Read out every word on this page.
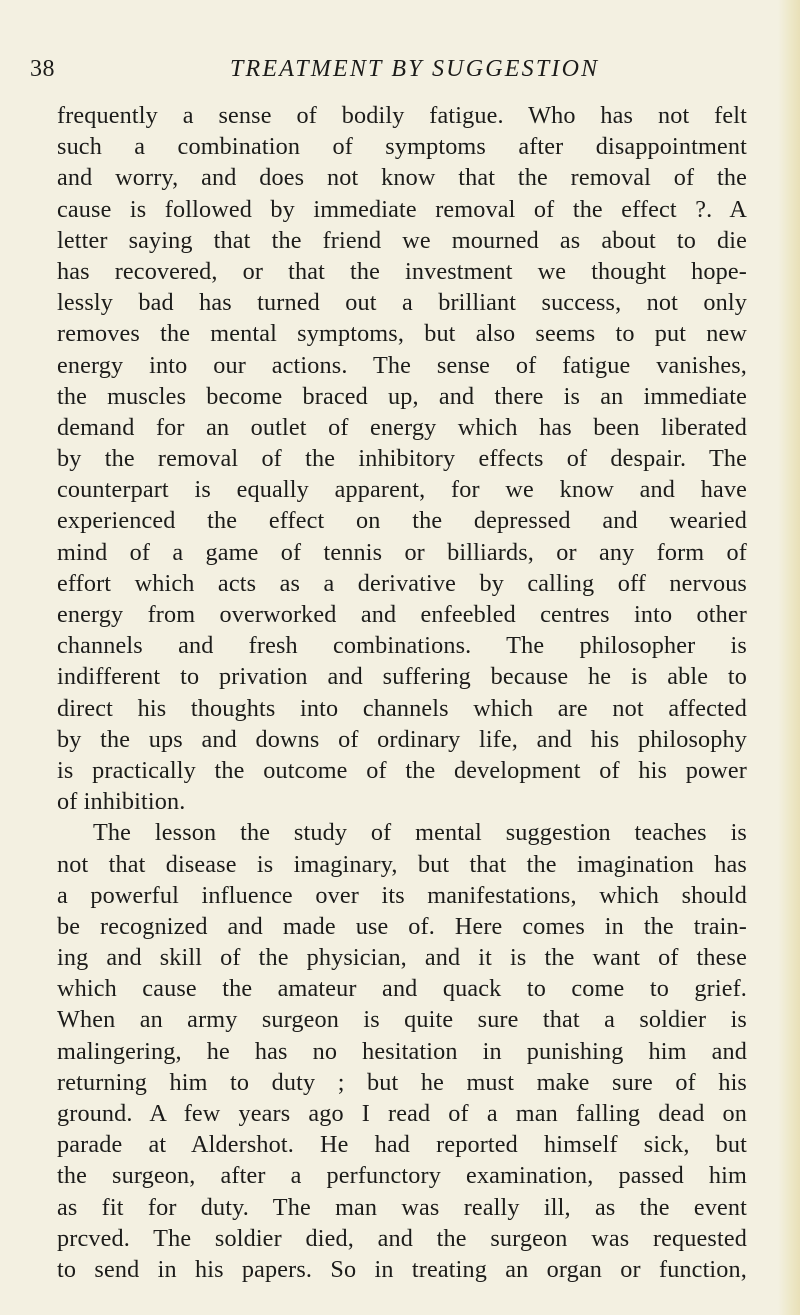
38	TREATMENT BY SUGGESTION
frequently a sense of bodily fatigue. Who has not felt
such a combination of symptoms after disappointment
and worry, and does not know that the removal of the
cause is followed by immediate removal of the effect ?. A
letter saying that the friend we mourned as about to die
has recovered, or that the investment we thought hope-
lessly bad has turned out a brilliant success, not only
removes the mental symptoms, but also seems to put new
energy into our actions. The sense of fatigue vanishes,
the muscles become braced up, and there is an immediate
demand for an outlet of energy which has been liberated
by the removal of the inhibitory effects of despair. The
counterpart is equally apparent, for we know and have
experienced the effect on the depressed and wearied
mind of a game of tennis or billiards, or any form of
effort which acts as a derivative by calling off nervous
energy from overworked and enfeebled centres into other
channels and fresh combinations. The philosopher is
indifferent to privation and suffering because he is able to
direct his thoughts into channels which are not affected
by the ups and downs of ordinary life, and his philosophy
is practically the outcome of the development of his power
of inhibition.
The lesson the study of mental suggestion teaches is
not that disease is imaginary, but that the imagination has
a powerful influence over its manifestations, which should
be recognized and made use of. Here comes in the train-
ing and skill of the physician, and it is the want of these
which cause the amateur and quack to come to grief.
When an army surgeon is quite sure that a soldier is
malingering, he has no hesitation in punishing him and
returning him to duty ; but he must make sure of his
ground. A few years ago I read of a man falling dead on
parade at Aldershot. He had reported himself sick, but
the surgeon, after a perfunctory examination, passed him
as fit for duty. The man was really ill, as the event
prcved. The soldier died, and the surgeon was requested
to send in his papers. So in treating an organ or function,
